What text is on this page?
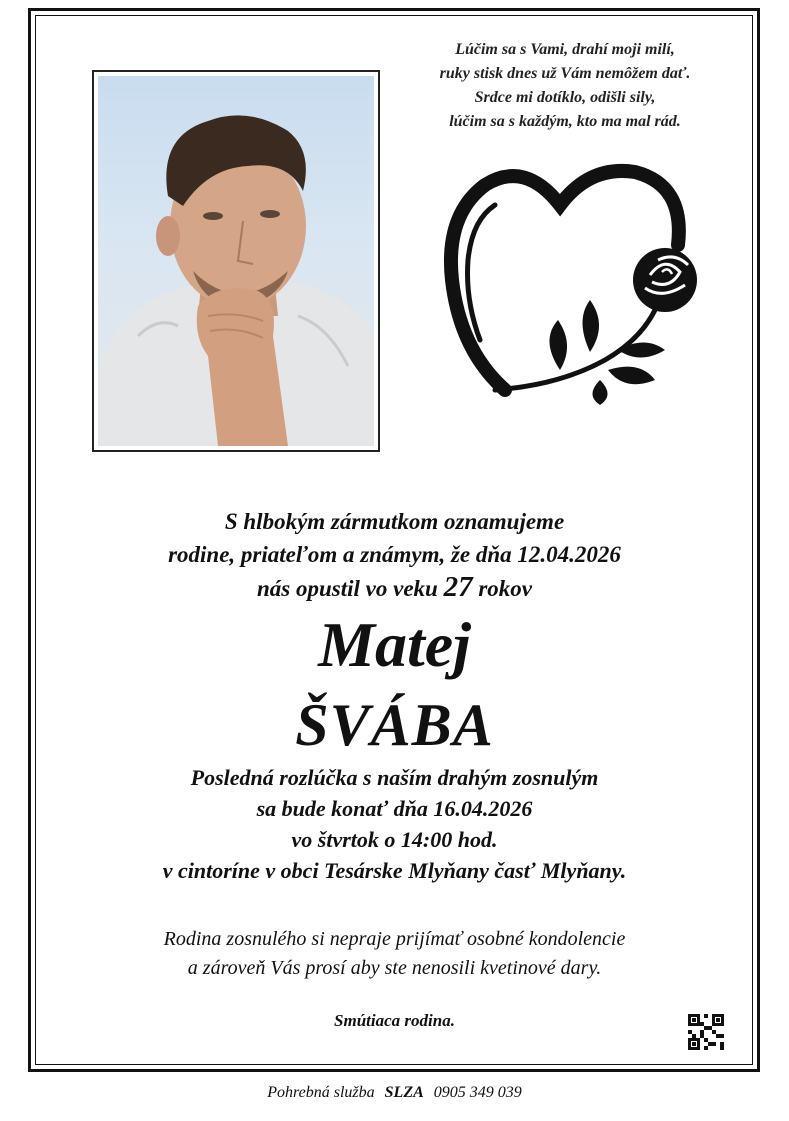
Lúčim sa s Vami, drahí moji milí,
ruky stisk dnes už Vám nemôžem dať.
Srdce mi dotíklo, odišli sily,
lúčim sa s každým, kto ma mal rád.
S hlbokým zármutkom oznamujeme
rodine, priateľom a známym, že dňa 12.04.2026
nás opustil vo veku 27 rokov
Matej
ŠVÁBA
Posledná rozlúčka s naším drahým zosnulým
sa bude konať dňa 16.04.2026
vo štvrtok o 14:00 hod.
v cintoríne v obci Tesárske Mlyňany časť Mlyňany.
Rodina zosnulého si nepraje prijímať osobné kondolencie
a zároveň Vás prosí aby ste nenosili kvetinové dary.
Smútiaca rodina.
Pohrebná služba SLZA 0905 349 039
